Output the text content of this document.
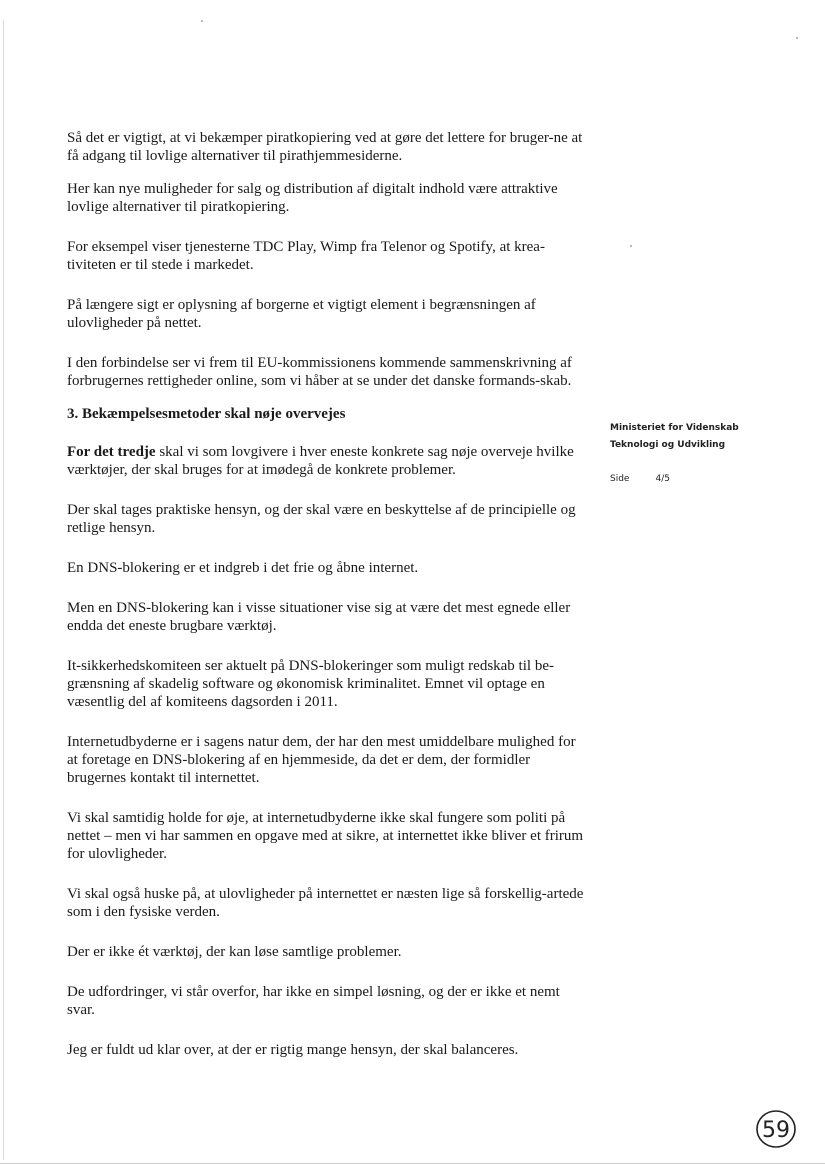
Så det er vigtigt, at vi bekæmper piratkopiering ved at gøre det lettere for bruger-ne at få adgang til lovlige alternativer til pirathjemmesiderne.

Her kan nye muligheder for salg og distribution af digitalt indhold være attraktive lovlige alternativer til piratkopiering.

For eksempel viser tjenesterne TDC Play, Wimp fra Telenor og Spotify, at krea-tiviteten er til stede i markedet.

På længere sigt er oplysning af borgerne et vigtigt element i begrænsningen af ulovligheder på nettet.

I den forbindelse ser vi frem til EU-kommissionens kommende sammenskrivning af forbrugernes rettigheder online, som vi håber at se under det danske formands-skab.

3. Bekæmpelsesmetoder skal nøje overvejes

For det tredje skal vi som lovgivere i hver eneste konkrete sag nøje overveje hvilke værktøjer, der skal bruges for at imødegå de konkrete problemer.

Der skal tages praktiske hensyn, og der skal være en beskyttelse af de principielle og retlige hensyn.

En DNS-blokering er et indgreb i det frie og åbne internet.

Men en DNS-blokering kan i visse situationer vise sig at være det mest egnede eller endda det eneste brugbare værktøj.

It-sikkerhedskomiteen ser aktuelt på DNS-blokeringer som muligt redskab til be-grænsning af skadelig software og økonomisk kriminalitet. Emnet vil optage en væsentlig del af komiteens dagsorden i 2011.

Internetudbyderne er i sagens natur dem, der har den mest umiddelbare mulighed for at foretage en DNS-blokering af en hjemmeside, da det er dem, der formidler brugernes kontakt til internettet.

Vi skal samtidig holde for øje, at internetudbyderne ikke skal fungere som politi på nettet – men vi har sammen en opgave med at sikre, at internettet ikke bliver et frirum for ulovligheder.

Vi skal også huske på, at ulovligheder på internettet er næsten lige så forskellig-artede som i den fysiske verden.

Der er ikke ét værktøj, der kan løse samtlige problemer.

De udfordringer, vi står overfor, har ikke en simpel løsning, og der er ikke et nemt svar.

Jeg er fuldt ud klar over, at der er rigtig mange hensyn, der skal balanceres.

Ministeriet for Videnskab
Teknologi og Udvikling
Side	4/5
59
